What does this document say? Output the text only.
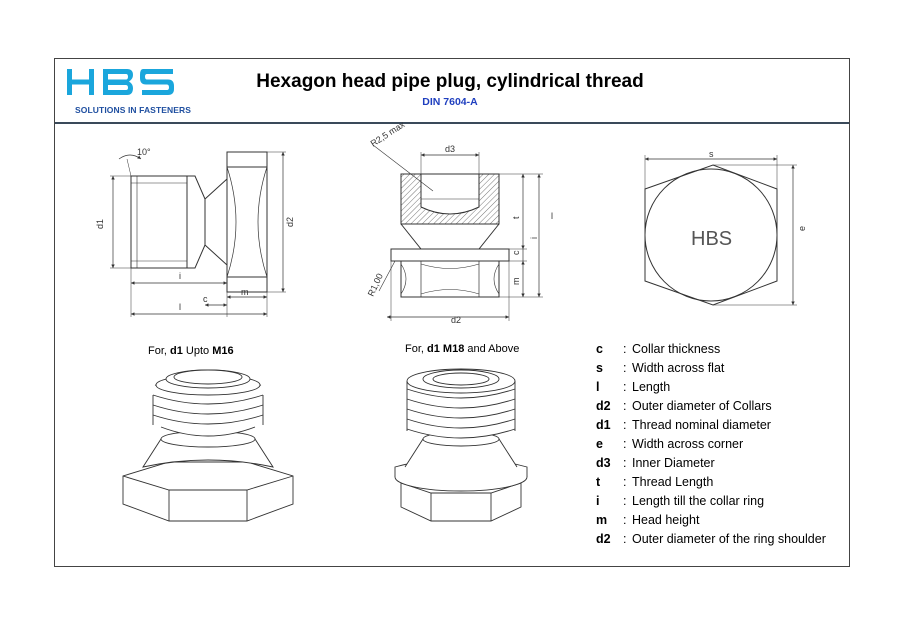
SOLUTIONS IN FASTENERS
Hexagon head pipe plug, cylindrical thread
DIN 7604-A
10°
d1	d2
i
l
c
m
R2,5 max
R1,00
d3
t
i
l
c
m
d2
s
e
HBS
For, d1 Upto M16	For, d1 M18 and Above	c : Collar thickness
s : Width across flat
l : Length
d2 : Outer diameter of Collars
d1 : Thread nominal diameter
e : Width across corner
d3 : Inner Diameter
t : Thread Length
i : Length till the collar ring
m : Head height
d2 : Outer diameter of the ring shoulder
